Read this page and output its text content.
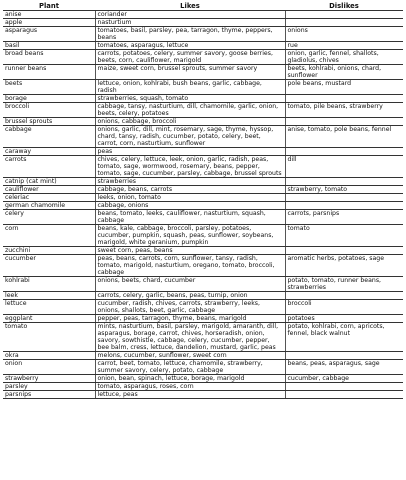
Plant	Likes	Dislikes
anise	coriander	
apple	nasturtium	
asparagus	tomatoes, basil, parsley, pea, tarragon, thyme, peppers, beans	onions
basil	tomatoes, asparagus, lettuce	rue
broad beans	carrots, potatoes, celery, summer savory, goose berries, beets, corn, cauliflower, marigold	onion, garlic, fennel, shallots, gladiolus, chives
runner beans	maize, sweet corn, brussel sprouts, summer savory	beets, kohlrabi, onions, chard, sunflower
beets	lettuce, onion, kohlrabi, bush beans, garlic, cabbage, radish	pole beans, mustard
borage	strawberries, squash, tomato	
broccoli	cabbage, tansy, nasturtium, dill, chamomile, garlic, onion, beets, celery, potatoes	tomato, pile beans, strawberry
brussel sprouts	onions, cabbage, broccoli	
cabbage	onions, garlic, dill, mint, rosemary, sage, thyme, hyssop, chard, tansy, radish, cucumber, potato, celery, beet, carrot, corn, nasturtium, sunflower	anise, tomato, pole beans, fennel
caraway	peas	
carrots	chives, celery, lettuce, leek, onion, garlic, radish, peas, tomato, sage, wormwood, rosemary, beans, pepper, tomato, sage, cucumber, parsley, cabbage, brussel sprouts	dill
catnip (cat mint)	strawberries	
cauliflower	cabbage, beans, carrots	strawberry, tomato
celeriac	leeks, onion, tomato	
german chamomile	cabbage, onions	
celery	beans, tomato, leeks, cauliflower, nasturtium, squash, cabbage	carrots, parsnips
corn	beans, kale, cabbage, broccoli, parsley, potatoes, cucumber, pumpkin, squash, peas, sunflower, soybeans, marigold, white geranium, pumpkin	tomato
zucchini	sweet corn, peas, beans	
cucumber	peas, beans, carrots, corn, sunflower, tansy, radish, tomato, marigold, nasturtium, oregano, tomato, broccoli, cabbage	aromatic herbs, potatoes, sage
kohlrabi	onions, beets, chard, cucumber	potato, tomato, runner beans, strawberries
leek	carrots, celery, garlic, beans, peas, turnip, onion	
lettuce	cucumber, radish, chives, carrots, strawberry, leeks, onions, shallots, beet, garlic, cabbage	broccoli
eggplant	pepper, peas, tarragon, thyme, beans, marigold	potatoes
tomato	mints, nasturtium, basil, parsley, marigold, amaranth, dill, asparagus, borage, carrot, chives, horseradish, onion, savory, sowthistle, cabbage, celery, cucumber, pepper, bee balm, cress, lettuce, dandelion, mustard, garlic, peas	potato, kohlrabi, corn, apricots, fennel, black walnut
okra	melons, cucumber, sunflower, sweet corn	
onion	carrot, beet, tomato, lettuce, chamomile, strawberry, summer savory, celery, potato, cabbage	beans, peas, asparagus, sage
strawberry	onion, bean, spinach, lettuce, borage, marigold	cucumber, cabbage
parsley	tomato, asparagus, roses, corn	
parsnips	lettuce, peas	
